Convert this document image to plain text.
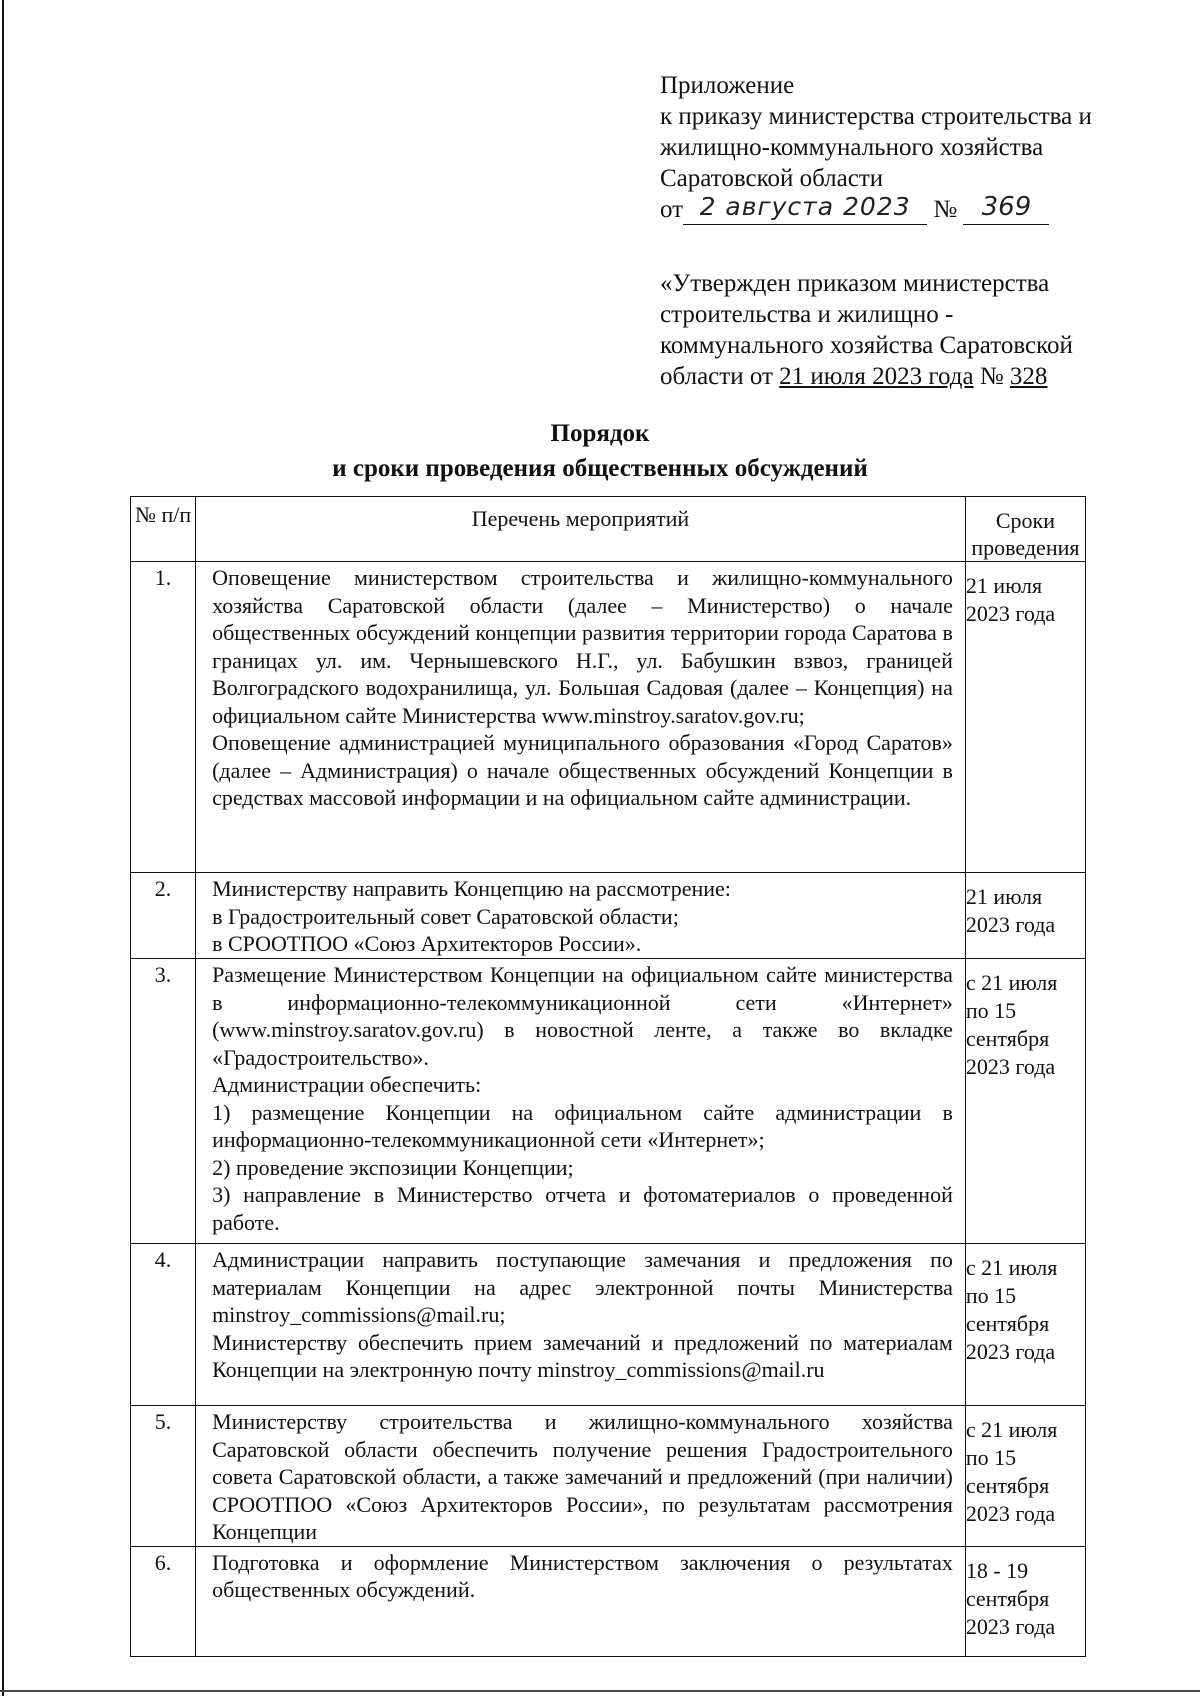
Приложение
к приказу министерства строительства и
жилищно-коммунального хозяйства
Саратовской области
от 2 августа 2023 № 369
«Утвержден приказом министерства
строительства и жилищно -
коммунального хозяйства Саратовской
области от 21 июля 2023 года № 328
Порядок
и сроки проведения общественных обсуждений
№ п/п	Перечень мероприятий	Сроки проведения
1.	Оповещение министерством строительства и жилищно-коммунального хозяйства Саратовской области (далее – Министерство) о начале общественных обсуждений концепции развития территории города Саратова в границах ул. им. Чернышевского Н.Г., ул. Бабушкин взвоз, границей Волгоградского водохранилища, ул. Большая Садовая (далее – Концепция) на официальном сайте Министерства www.minstroy.saratov.gov.ru;

Оповещение администрацией муниципального образования «Город Саратов» (далее – Администрация) о начале общественных обсуждений Концепции в средствах массовой информации и на официальном сайте администрации.	21 июля 2023 года
2.	Министерству направить Концепцию на рассмотрение:

в Градостроительный совет Саратовской области;

в СРООТПОО «Союз Архитекторов России».	21 июля 2023 года
3.	Размещение Министерством Концепции на официальном сайте министерства в информационно-телекоммуникационной сети «Интернет» (www.minstroy.saratov.gov.ru) в новостной ленте, а также во вкладке «Градостроительство».

Администрации обеспечить:

1) размещение Концепции на официальном сайте администрации в информационно-телекоммуникационной сети «Интернет»;

2) проведение экспозиции Концепции;

3) направление в Министерство отчета и фотоматериалов о проведенной работе.	с 21 июля по 15 сентября 2023 года
4.	Администрации направить поступающие замечания и предложения по материалам Концепции на адрес электронной почты Министерства minstroy_commissions@mail.ru;

Министерству обеспечить прием замечаний и предложений по материалам Концепции на электронную почту minstroy_commissions@mail.ru	с 21 июля по 15 сентября 2023 года
5.	Министерству строительства и жилищно-коммунального хозяйства Саратовской области обеспечить получение решения Градостроительного совета Саратовской области, а также замечаний и предложений (при наличии) СРООТПОО «Союз Архитекторов России», по результатам рассмотрения Концепции	с 21 июля по 15 сентября 2023 года
6.	Подготовка и оформление Министерством заключения о результатах общественных обсуждений.	18 - 19 сентября 2023 года
